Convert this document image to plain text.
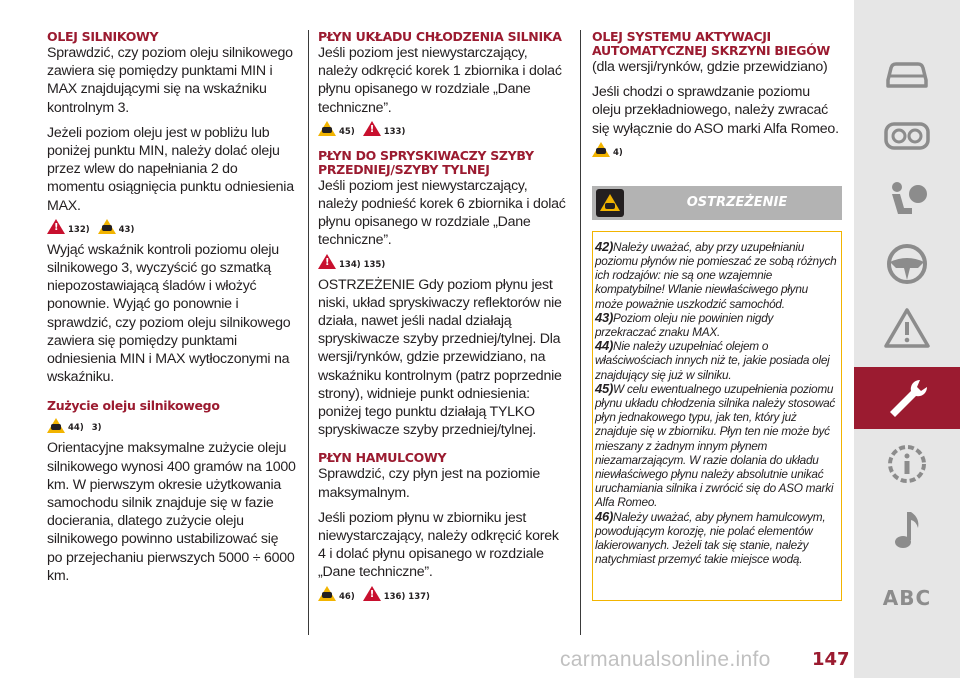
OLEJ SILNIKOWY

Sprawdzić, czy poziom oleju silnikowego zawiera się pomiędzy punktami MIN i MAX znajdującymi się na wskaźniku kontrolnym 3.

Jeżeli poziom oleju jest w pobliżu lub poniżej punktu MIN, należy dolać oleju przez wlew do napełniania 2 do momentu osiągnięcia punktu odniesienia MAX.

!
132)	43)

Wyjąć wskaźnik kontroli poziomu oleju silnikowego 3, wyczyścić go szmatką niepozostawiającą śladów i włożyć ponownie. Wyjąć go ponownie i sprawdzić, czy poziom oleju silnikowego zawiera się pomiędzy punktami odniesienia MIN i MAX wytłoczonymi na wskaźniku.

Zużycie oleju silnikowego
44) 3)

Orientacyjne maksymalne zużycie oleju silnikowego wynosi 400 gramów na 1000 km. W pierwszym okresie użytkowania samochodu silnik znajduje się w fazie docierania, dlatego zużycie oleju silnikowego powinno ustabilizować się po przejechaniu pierwszych 5000 ÷ 6000 km.

PŁYN UKŁADU CHŁODZENIA SILNIKA

Jeśli poziom jest niewystarczający, należy odkręcić korek 1 zbiornika i dolać płynu opisanego w rozdziale „Dane techniczne”.

45) !	133)
PŁYN DO SPRYSKIWACZY SZYBY PRZEDNIEJ/SZYBY TYLNEJ

Jeśli poziom jest niewystarczający, należy podnieść korek 6 zbiornika i dolać płynu opisanego w rozdziale „Dane techniczne”.

!
134) 135)

OSTRZEŻENIE Gdy poziom płynu jest niski, układ spryskiwaczy reflektorów nie działa, nawet jeśli nadal działają spryskiwacze szyby przedniej/tylnej. Dla wersji/rynków, gdzie przewidziano, na wskaźniku kontrolnym (patrz poprzednie strony), widnieje punkt odniesienia: poniżej tego punktu działają TYLKO spryskiwacze szyby przedniej/tylnej.

PŁYN HAMULCOWY

Sprawdzić, czy płyn jest na poziomie maksymalnym.

Jeśli poziom płynu w zbiorniku jest niewystarczający, należy odkręcić korek 4 i dolać płynu opisanego w rozdziale „Dane techniczne”.

46) !	136) 137)
OLEJ SYSTEMU AKTYWACJI AUTOMATYCZNEJ SKRZYNI BIEGÓW

(dla wersji/rynków, gdzie przewidziano)

Jeśli chodzi o sprawdzanie poziomu oleju przekładniowego, należy zwracać się wyłącznie do ASO marki Alfa Romeo.

4)
OSTRZEŻENIE

42)Należy uważać, aby przy uzupełnianiu poziomu płynów nie pomieszać ze sobą różnych ich rodzajów: nie są one wzajemnie kompatybilne! Wlanie niewłaściwego płynu może poważnie uszkodzić samochód.

43)Poziom oleju nie powinien nigdy przekraczać znaku MAX.

44)Nie należy uzupełniać olejem o właściwościach innych niż te, jakie posiada olej znajdujący się już w silniku.

45)W celu ewentualnego uzupełnienia poziomu płynu układu chłodzenia silnika należy stosować płyn jednakowego typu, jak ten, który już znajduje się w zbiorniku. Płyn ten nie może być mieszany z żadnym innym płynem niezamarzającym. W razie dolania do układu niewłaściwego płynu należy absolutnie unikać uruchamiania silnika i zwrócić się do ASO marki Alfa Romeo.

46)Należy uważać, aby płynem hamulcowym, powodującym korozję, nie polać elementów lakierowanych. Jeżeli tak się stanie, należy natychmiast przemyć takie miejsce wodą.

ABC
carmanualsonline.info 147
